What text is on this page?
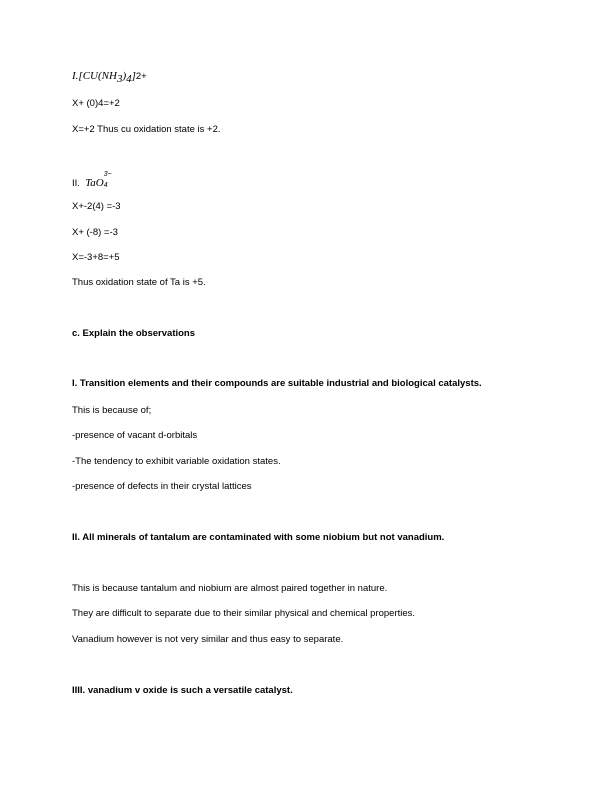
$I.[CU(NH_3)_4]2+$
X+ (0)4=+2
X=+2 Thus cu oxidation state is +2.
II. TaO
3−
4
X+-2(4) =-3
X+ (-8) =-3
X=-3+8=+5
Thus oxidation state of Ta is +5.
c. Explain the observations
I. Transition elements and their compounds are suitable industrial and biological catalysts.
This is because of;
-presence of vacant d-orbitals
-The tendency to exhibit variable oxidation states.
-presence of defects in their crystal lattices
II. All minerals of tantalum are contaminated with some niobium but not vanadium.
This is because tantalum and niobium are almost paired together in nature.
They are difficult to separate due to their similar physical and chemical properties.
Vanadium however is not very similar and thus easy to separate.
IIII. vanadium v oxide is such a versatile catalyst.
